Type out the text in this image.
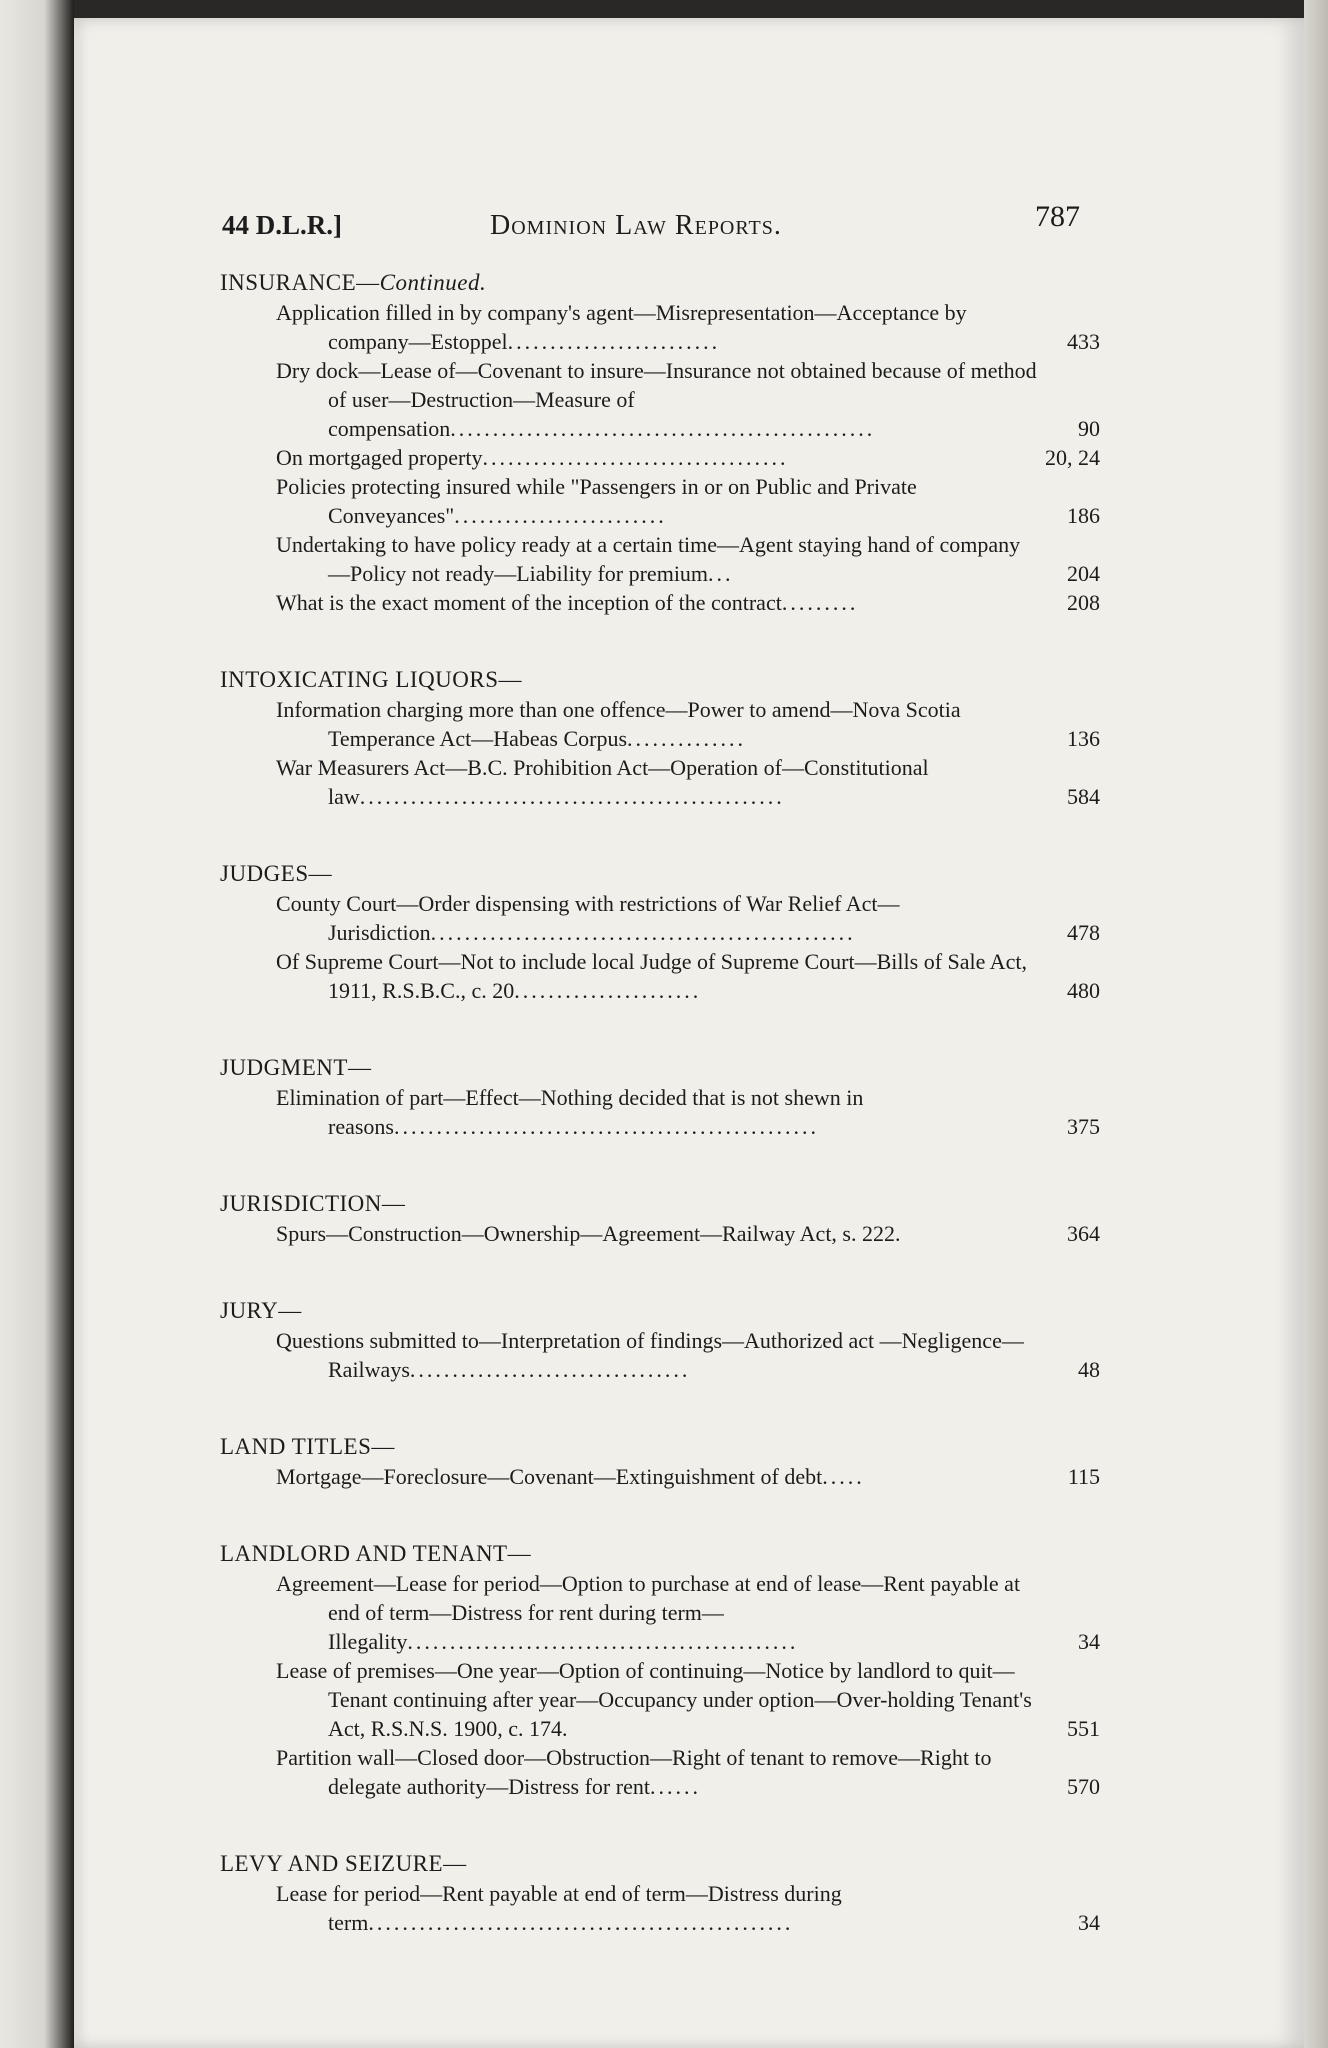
44 D.L.R.]	Dominion Law Reports.	787
INSURANCE—Continued.
Application filled in by company's agent—Misrepresentation—Acceptance by company—Estoppel.........................	433
Dry dock—Lease of—Covenant to insure—Insurance not obtained because of method of user—Destruction—Measure of compensation..................................................	90
On mortgaged property....................................	20, 24
Policies protecting insured while "Passengers in or on Public and Private Conveyances".........................	186
Undertaking to have policy ready at a certain time—Agent staying hand of company—Policy not ready—Liability for premium...	204
What is the exact moment of the inception of the contract.........	208
INTOXICATING LIQUORS—
Information charging more than one offence—Power to amend—Nova Scotia Temperance Act—Habeas Corpus..............	136
War Measurers Act—B.C. Prohibition Act—Operation of—Constitutional law..................................................	584
JUDGES—
County Court—Order dispensing with restrictions of War Relief Act—Jurisdiction..................................................	478
Of Supreme Court—Not to include local Judge of Supreme Court—Bills of Sale Act, 1911, R.S.B.C., c. 20......................	480
JUDGMENT—
Elimination of part—Effect—Nothing decided that is not shewn in reasons..................................................	375
JURISDICTION—
Spurs—Construction—Ownership—Agreement—Railway Act, s. 222.	364
JURY—
Questions submitted to—Interpretation of findings—Authorized act —Negligence—Railways.................................	48
LAND TITLES—
Mortgage—Foreclosure—Covenant—Extinguishment of debt.....	115
LANDLORD AND TENANT—
Agreement—Lease for period—Option to purchase at end of lease—Rent payable at end of term—Distress for rent during term—Illegality..............................................	34
Lease of premises—One year—Option of continuing—Notice by landlord to quit—Tenant continuing after year—Occupancy under option—Over-holding Tenant's Act, R.S.N.S. 1900, c. 174.	551
Partition wall—Closed door—Obstruction—Right of tenant to remove—Right to delegate authority—Distress for rent......	570
LEVY AND SEIZURE—
Lease for period—Rent payable at end of term—Distress during term..................................................	34
